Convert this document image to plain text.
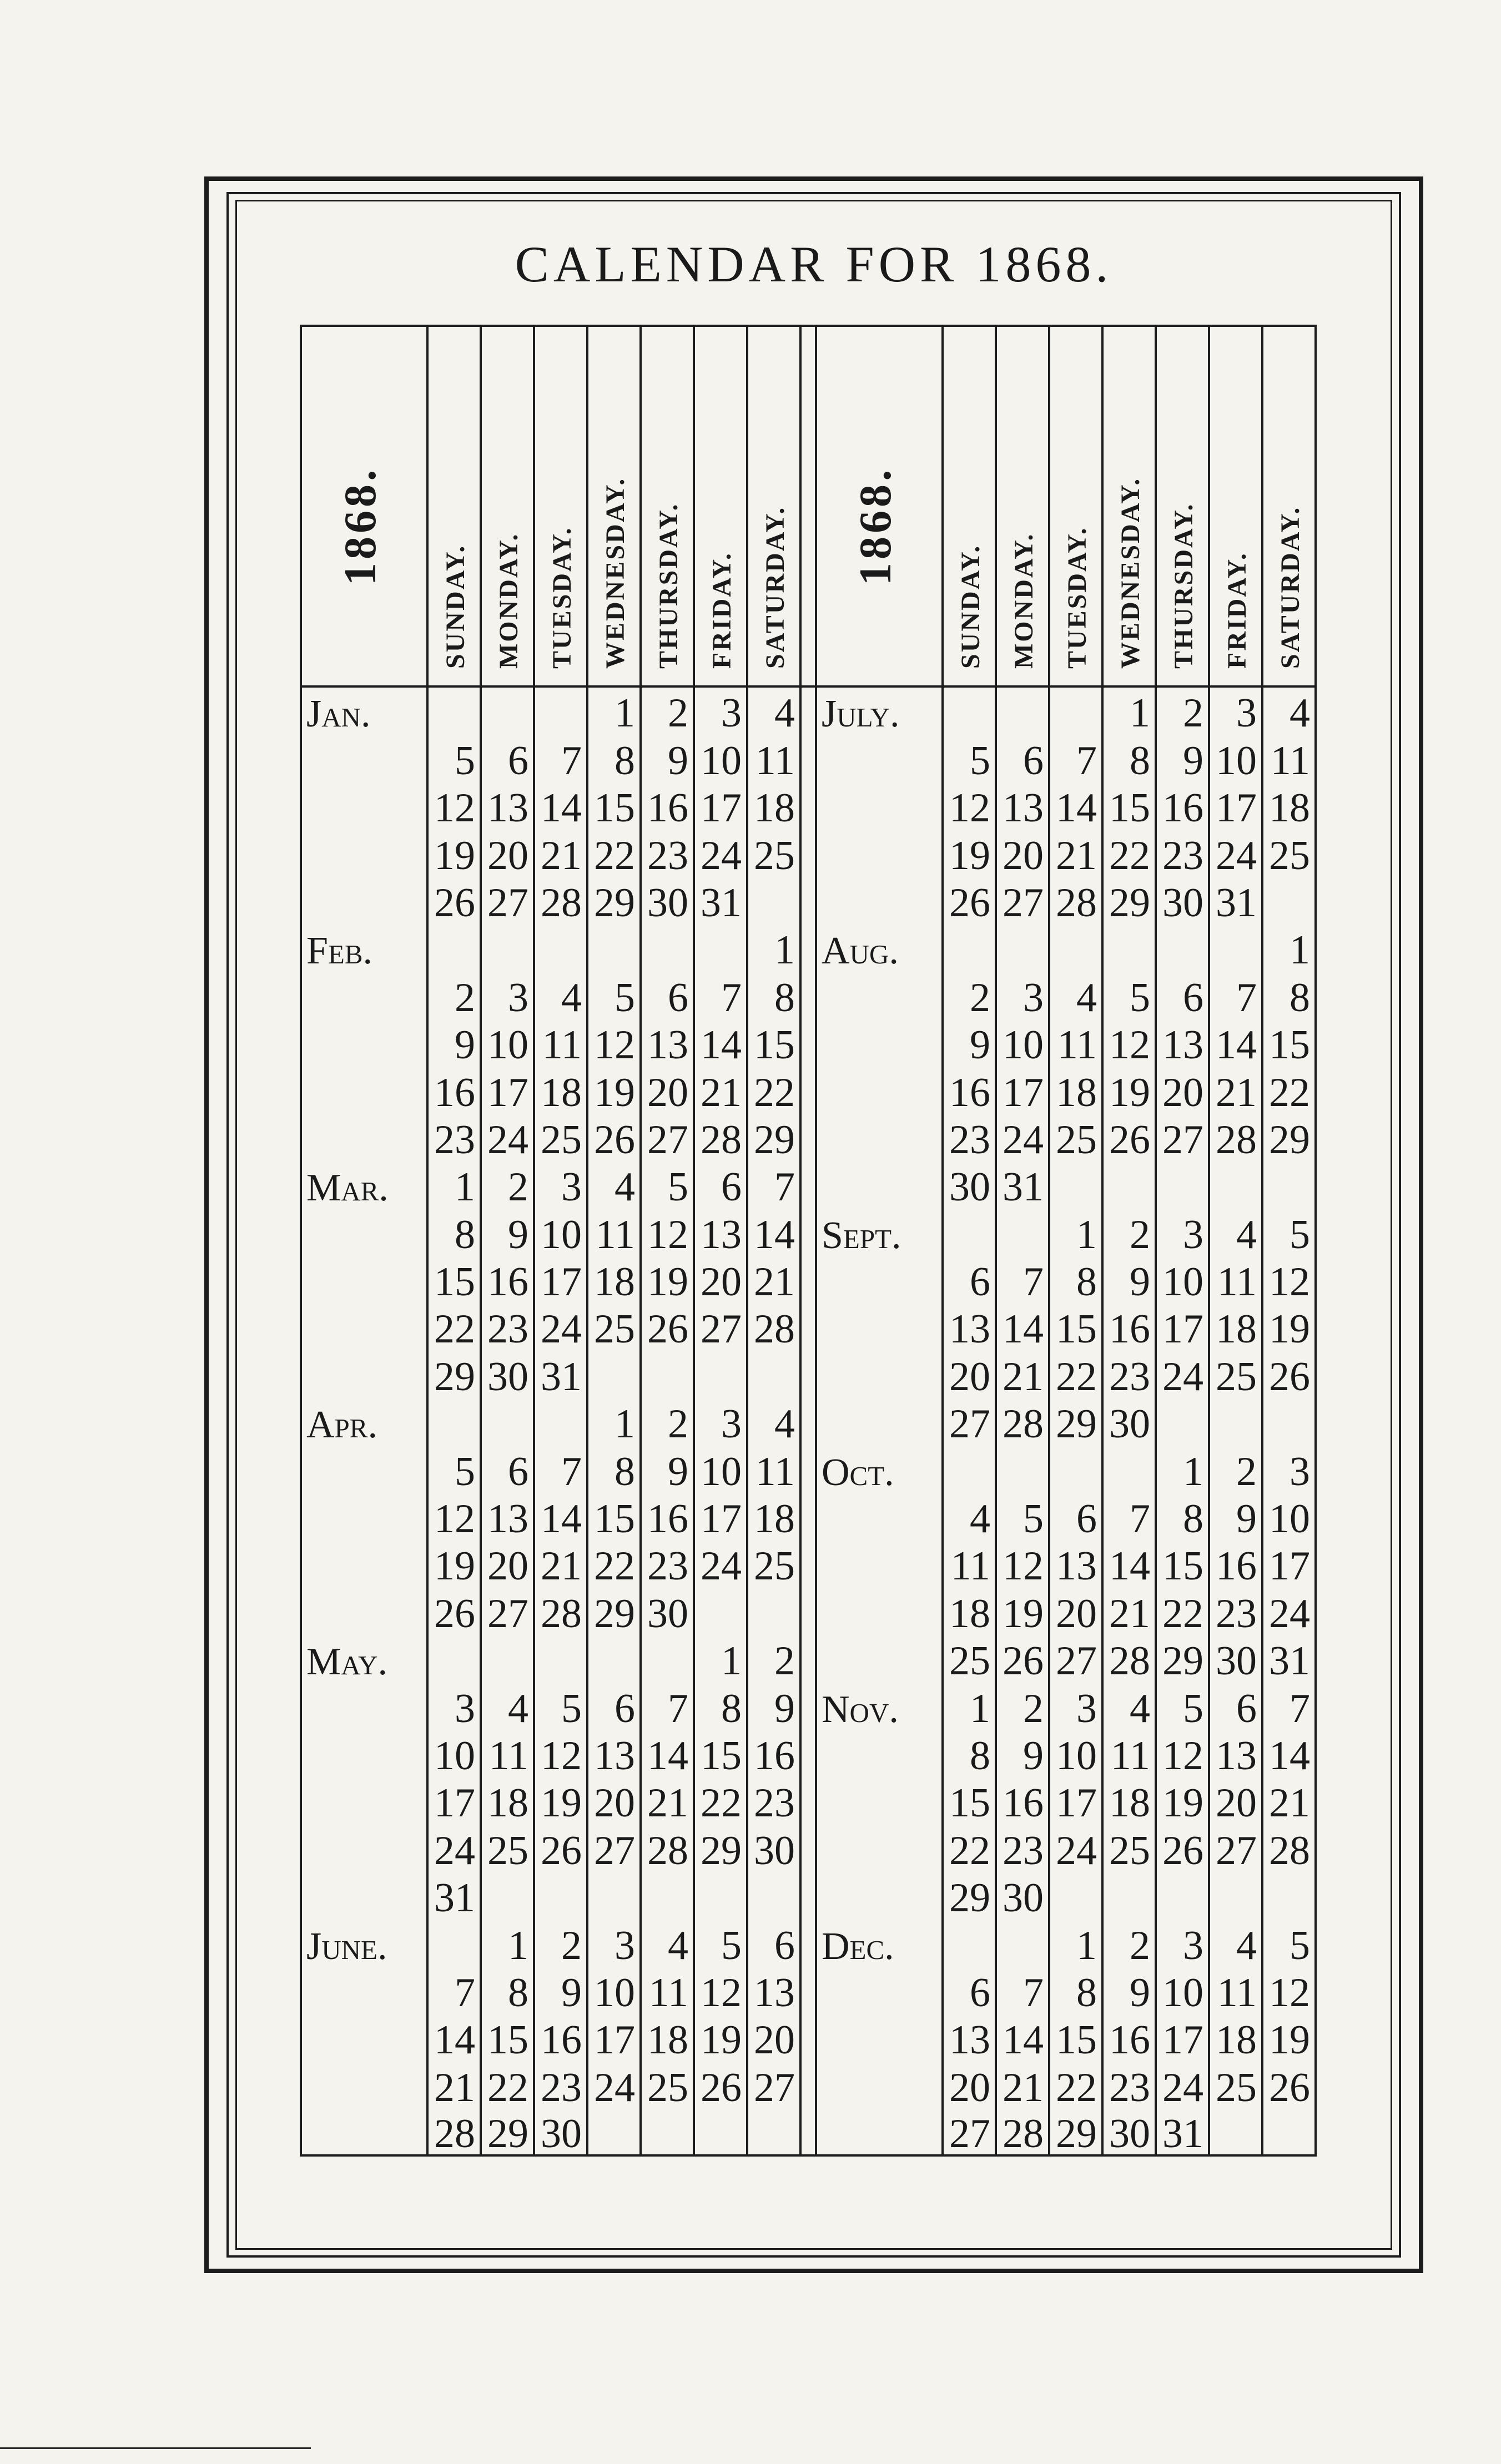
CALENDAR FOR 1868.
1868.	SUNDAY.	MONDAY.	TUESDAY.	WEDNESDAY.	THURSDAY.	FRIDAY.	SATURDAY.		1868.	SUNDAY.	MONDAY.	TUESDAY.	WEDNESDAY.	THURSDAY.	FRIDAY.	SATURDAY.

Jan.				1	2	3	4		July.				1	2	3	4
	5	6	7	8	9	10	11			5	6	7	8	9	10	11
	12	13	14	15	16	17	18			12	13	14	15	16	17	18
	19	20	21	22	23	24	25			19	20	21	22	23	24	25
	26	27	28	29	30	31				26	27	28	29	30	31	
Feb.							1		Aug.							1
	2	3	4	5	6	7	8			2	3	4	5	6	7	8
	9	10	11	12	13	14	15			9	10	11	12	13	14	15
	16	17	18	19	20	21	22			16	17	18	19	20	21	22
	23	24	25	26	27	28	29			23	24	25	26	27	28	29
Mar.	1	2	3	4	5	6	7			30	31					
	8	9	10	11	12	13	14		Sept.			1	2	3	4	5
	15	16	17	18	19	20	21			6	7	8	9	10	11	12
	22	23	24	25	26	27	28			13	14	15	16	17	18	19
	29	30	31							20	21	22	23	24	25	26
Apr.				1	2	3	4			27	28	29	30			
	5	6	7	8	9	10	11		Oct.					1	2	3
	12	13	14	15	16	17	18			4	5	6	7	8	9	10
	19	20	21	22	23	24	25			11	12	13	14	15	16	17
	26	27	28	29	30					18	19	20	21	22	23	24
May.						1	2			25	26	27	28	29	30	31
	3	4	5	6	7	8	9		Nov.	1	2	3	4	5	6	7
	10	11	12	13	14	15	16			8	9	10	11	12	13	14
	17	18	19	20	21	22	23			15	16	17	18	19	20	21
	24	25	26	27	28	29	30			22	23	24	25	26	27	28
	31									29	30					
June.		1	2	3	4	5	6		Dec.			1	2	3	4	5
	7	8	9	10	11	12	13			6	7	8	9	10	11	12
	14	15	16	17	18	19	20			13	14	15	16	17	18	19
	21	22	23	24	25	26	27			20	21	22	23	24	25	26
	28	29	30							27	28	29	30	31		
